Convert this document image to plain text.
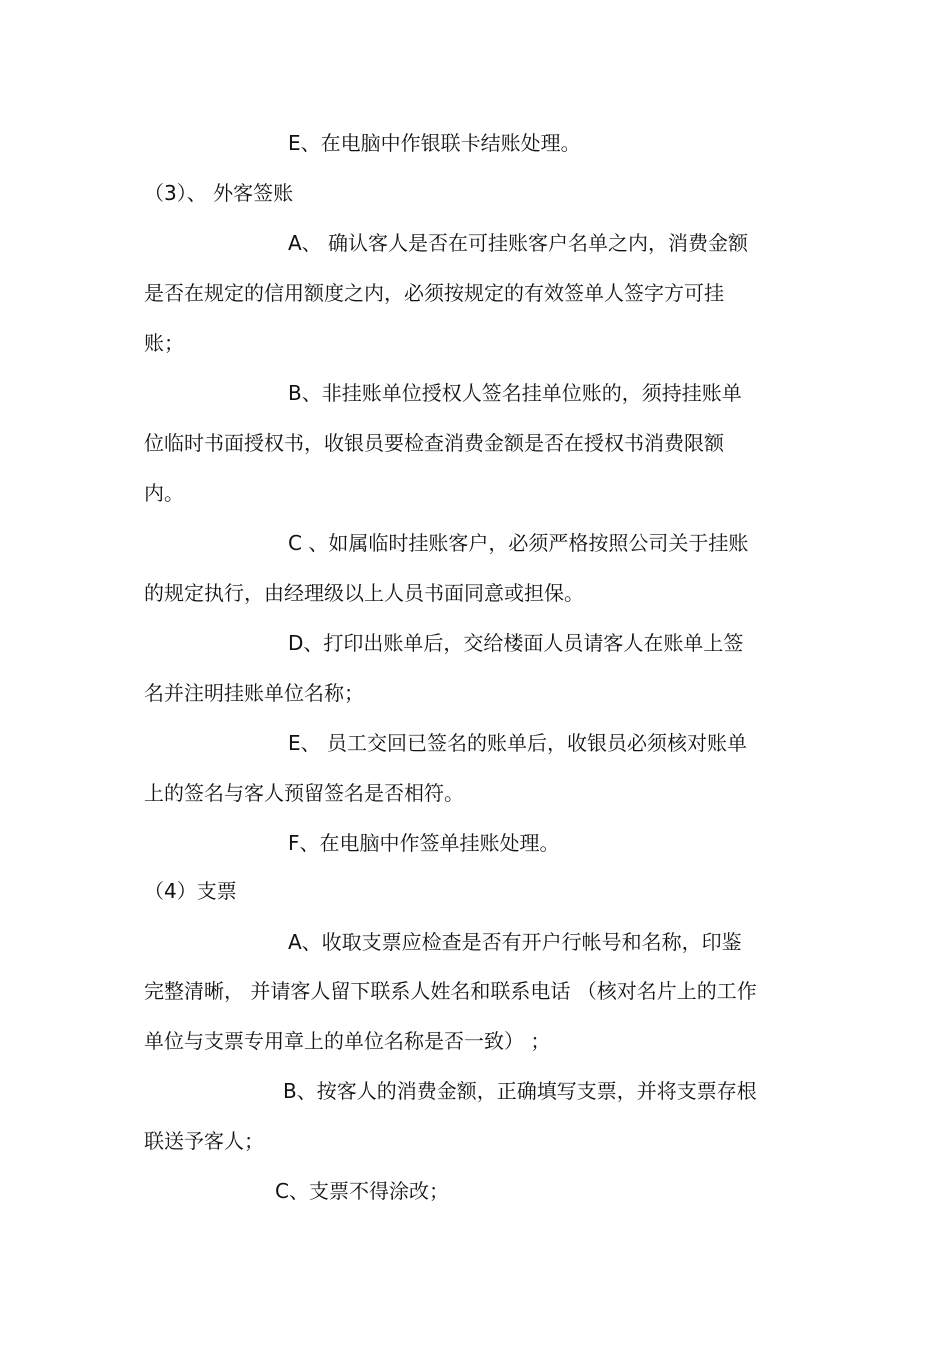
E、在电脑中作银联卡结账处理。
（3）、 外客签账
A、 确认客人是否在可挂账客户名单之内，消费金额
是否在规定的信用额度之内，必须按规定的有效签单人签字方可挂
账；
B、非挂账单位授权人签名挂单位账的，须持挂账单
位临时书面授权书，收银员要检查消费金额是否在授权书消费限额
内。
C 、如属临时挂账客户，必须严格按照公司关于挂账
的规定执行，由经理级以上人员书面同意或担保。
D、打印出账单后，交给楼面人员请客人在账单上签
名并注明挂账单位名称；
E、 员工交回已签名的账单后，收银员必须核对账单
上的签名与客人预留签名是否相符。
F、在电脑中作签单挂账处理。
（4）支票
A、收取支票应检查是否有开户行帐号和名称，印鉴
完整清晰， 并请客人留下联系人姓名和联系电话 （核对名片上的工作
单位与支票专用章上的单位名称是否一致） ；
B、按客人的消费金额，正确填写支票，并将支票存根
联送予客人；
C、支票不得涂改；
